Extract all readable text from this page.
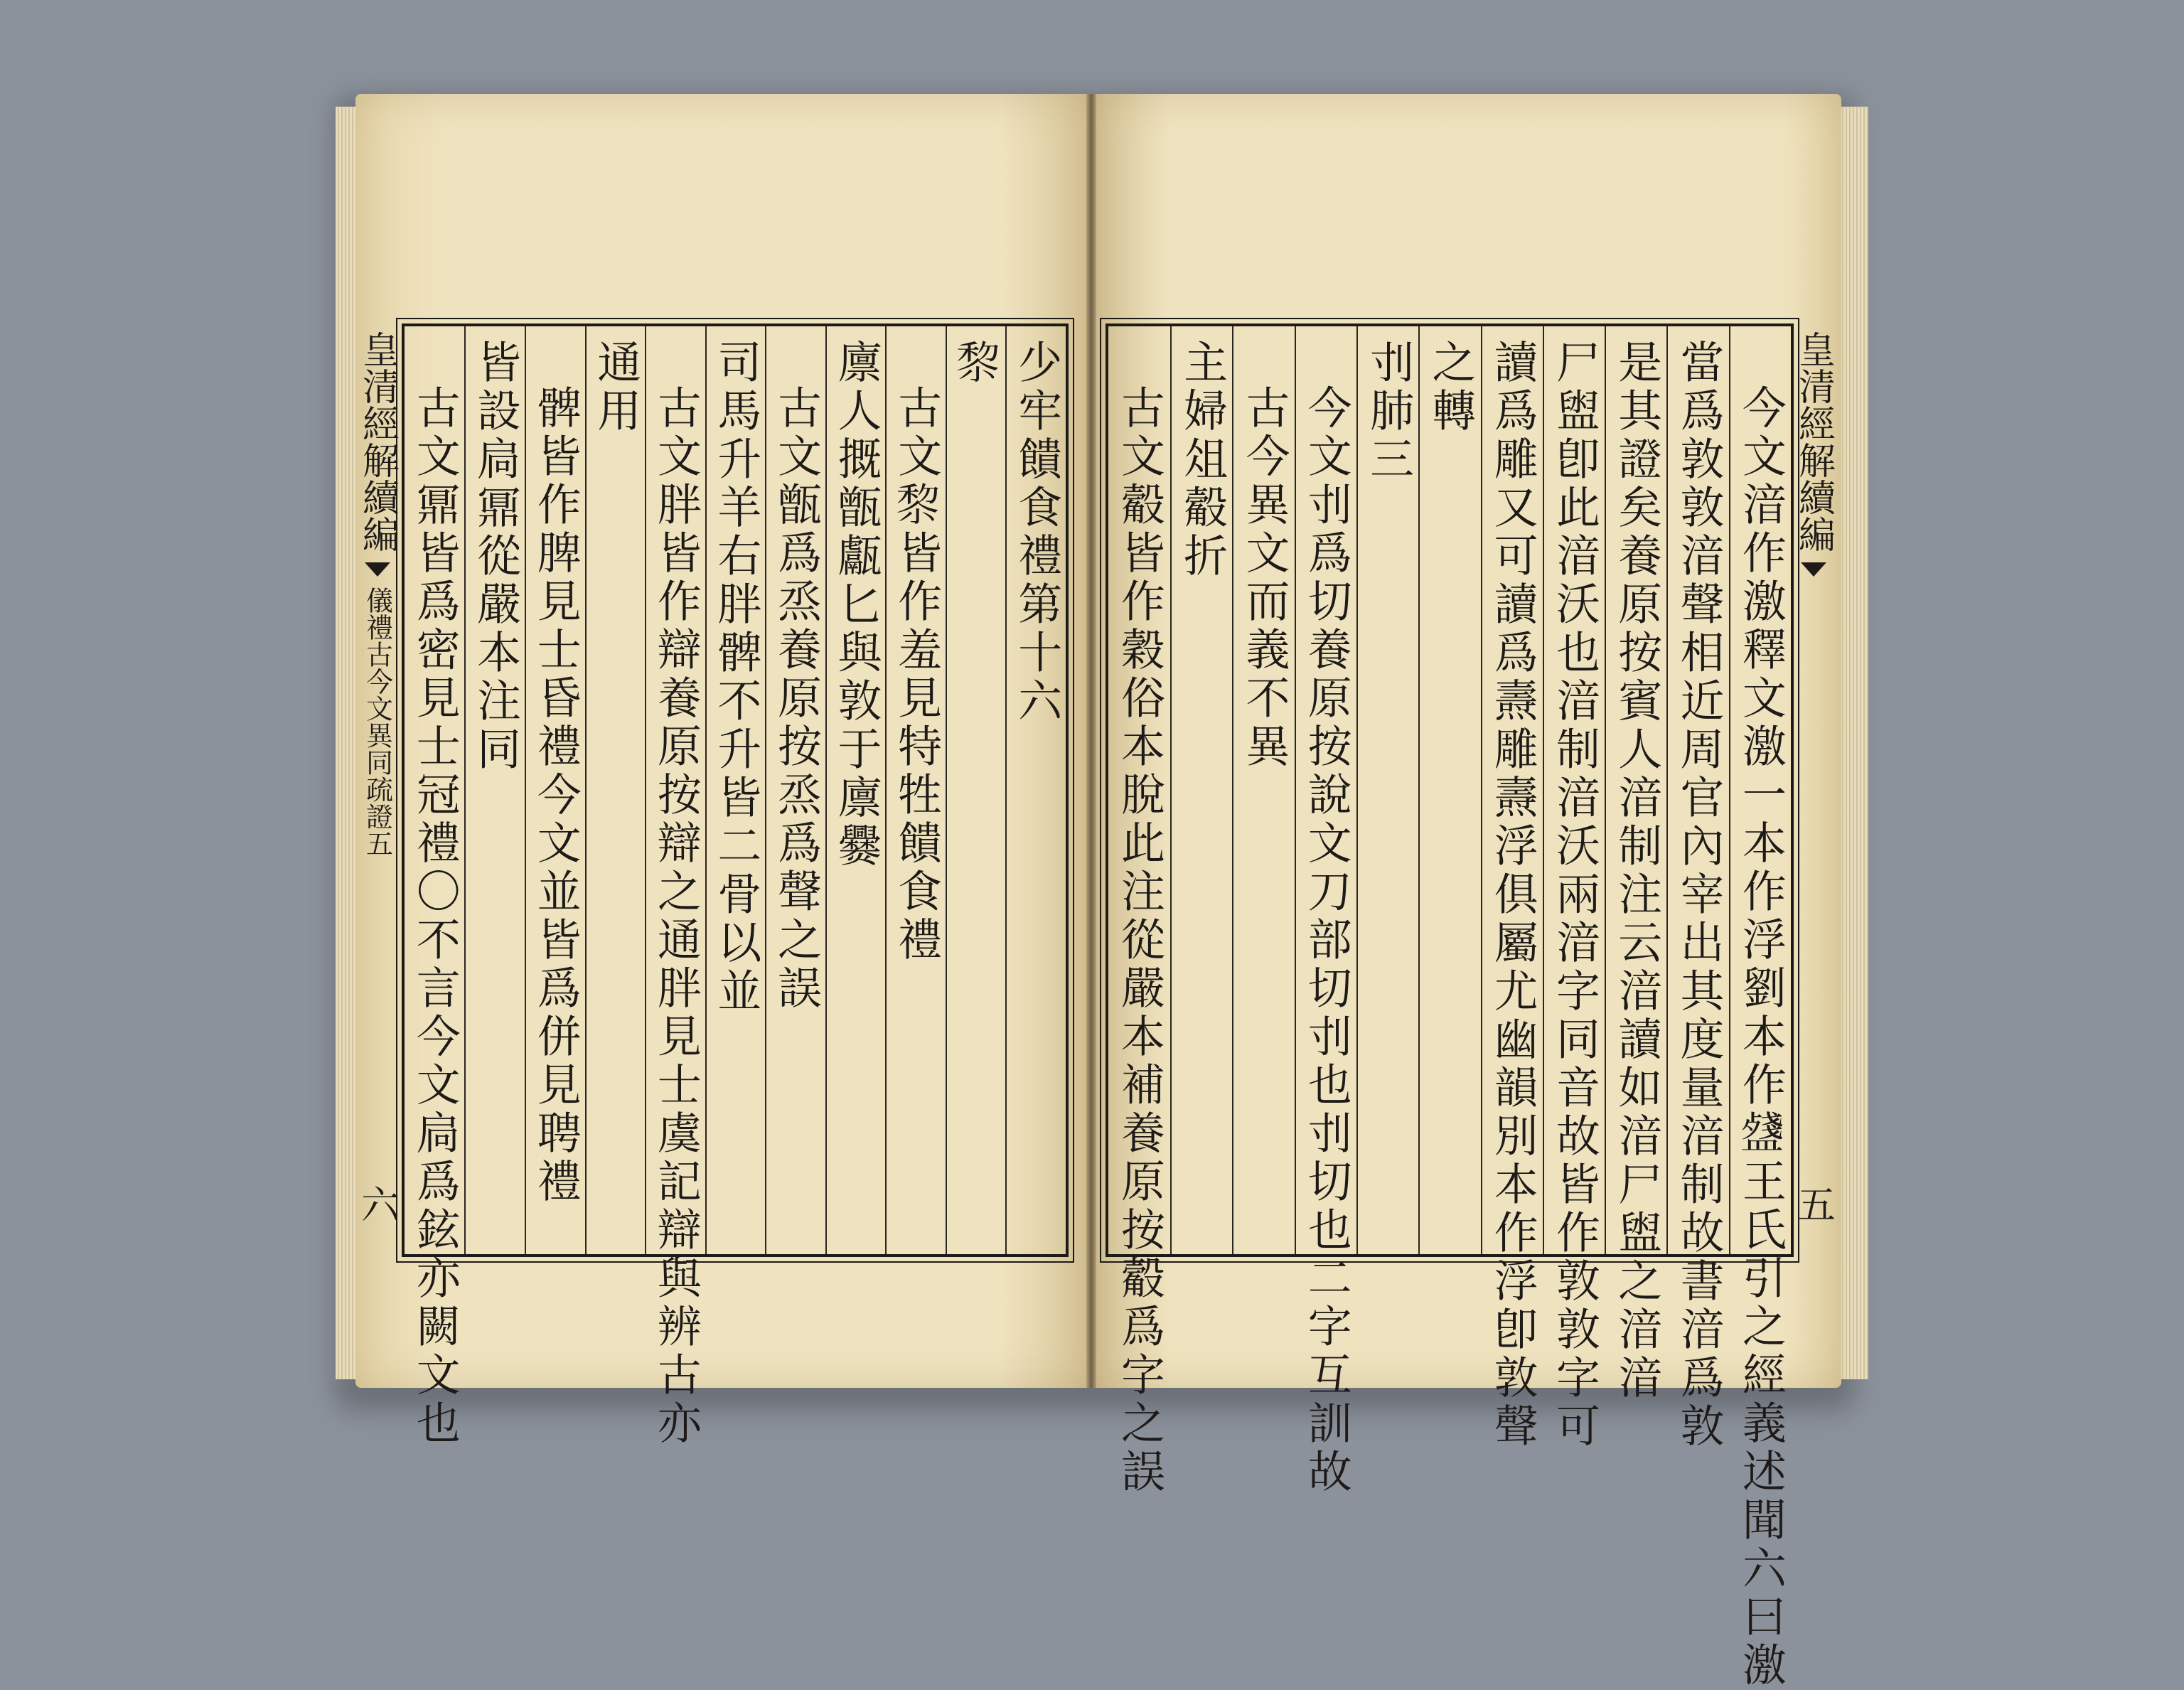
皇清經解續編
儀禮古今文異同疏證五
六
少牢饋食禮第十六
𥟖
古文𥟖皆作羞見特牲饋食禮
廪人摡甑甗匕與敦于廪爨
古文甑爲烝養原按烝爲聲之誤
司馬升羊右胖髀不升皆二骨以並
古文胖皆作辯養原按辯之通胖見士虞記辯與辨古亦
通用
髀皆作脾見士昏禮今文並皆爲併見聘禮
皆設扃鼏從嚴本注同
古文鼏皆爲密見士冠禮〇不言今文扃爲鉉亦闕文也	今文湆作激釋文激一本作浮劉本作𥂥王氏引之經義述聞六曰激
當爲敦敦湆聲相近周官內宰出其度量湆制故書湆爲敦
是其證矣養原按賓人湆制注云湆讀如湆尸盥之湆湆
尸盥卽此湆沃也湆制湆沃兩湆字同音故皆作敦敦字可
讀爲雕又可讀爲燾雕燾浮俱屬尤幽韻別本作浮卽敦聲
之轉
刌肺三
今文刌爲切養原按說文刀部切刌也刌切也二字互訓故
古今異文而義不異
主婦俎觳折
古文觳皆作穀俗本脫此注從嚴本補養原按觳爲字之誤	皇清經解續編
五
